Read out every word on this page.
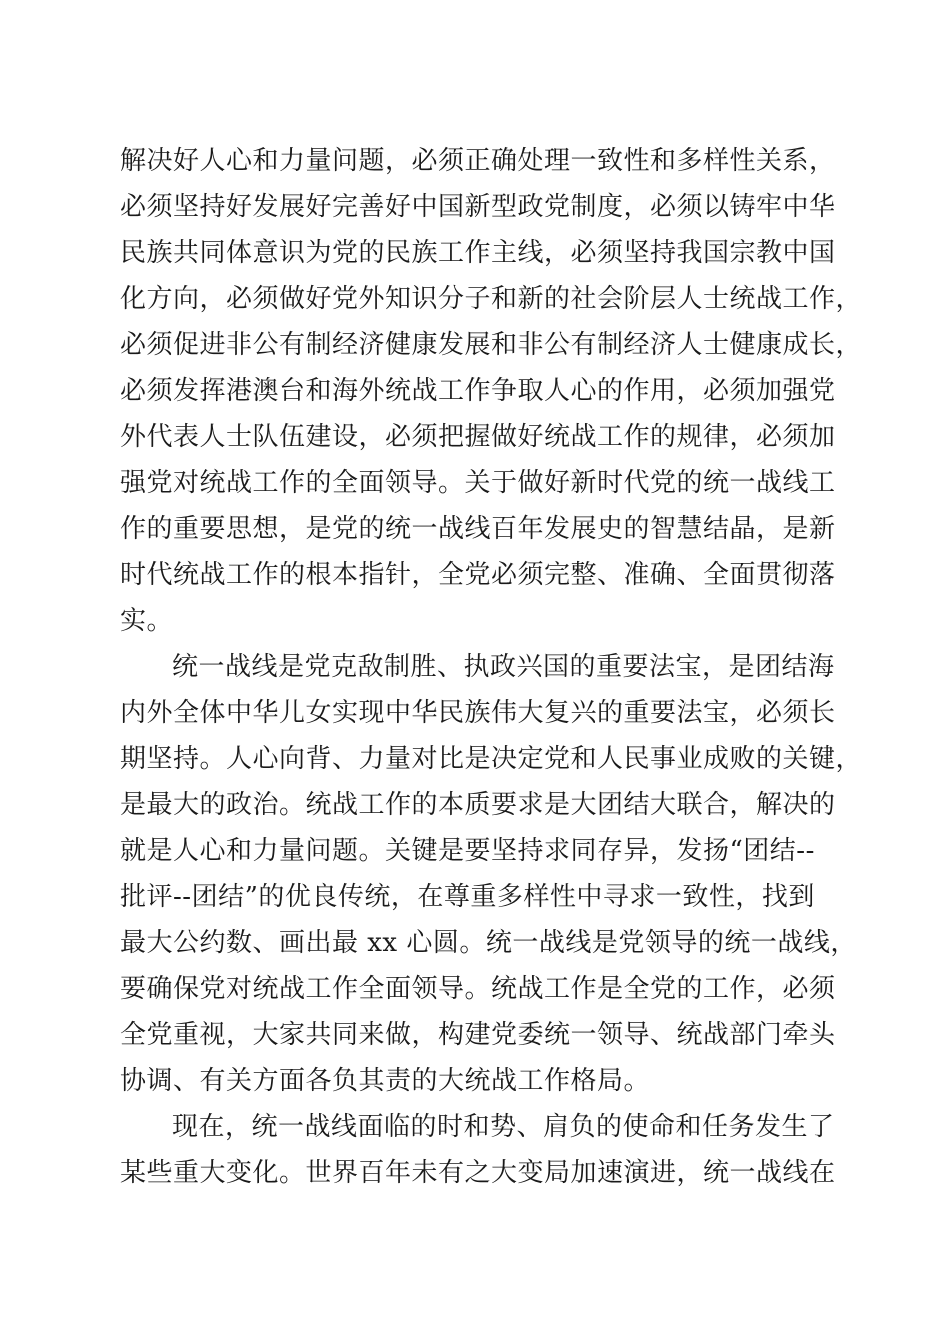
解决好人心和力量问题，必须正确处理一致性和多样性关系，
必须坚持好发展好完善好中国新型政党制度，必须以铸牢中华
民族共同体意识为党的民族工作主线，必须坚持我国宗教中国
化方向，必须做好党外知识分子和新的社会阶层人士统战工作，
必须促进非公有制经济健康发展和非公有制经济人士健康成长，
必须发挥港澳台和海外统战工作争取人心的作用，必须加强党
外代表人士队伍建设，必须把握做好统战工作的规律，必须加
强党对统战工作的全面领导。关于做好新时代党的统一战线工
作的重要思想，是党的统一战线百年发展史的智慧结晶，是新
时代统战工作的根本指针，全党必须完整、准确、全面贯彻落
实。
统一战线是党克敌制胜、执政兴国的重要法宝，是团结海
内外全体中华儿女实现中华民族伟大复兴的重要法宝，必须长
期坚持。人心向背、力量对比是决定党和人民事业成败的关键，
是最大的政治。统战工作的本质要求是大团结大联合，解决的
就是人心和力量问题。关键是要坚持求同存异，发扬“团结--
批评--团结”的优良传统，在尊重多样性中寻求一致性，找到
最大公约数、画出最 xx 心圆。统一战线是党领导的统一战线，
要确保党对统战工作全面领导。统战工作是全党的工作，必须
全党重视，大家共同来做，构建党委统一领导、统战部门牵头
协调、有关方面各负其责的大统战工作格局。
现在，统一战线面临的时和势、肩负的使命和任务发生了
某些重大变化。世界百年未有之大变局加速演进，统一战线在
